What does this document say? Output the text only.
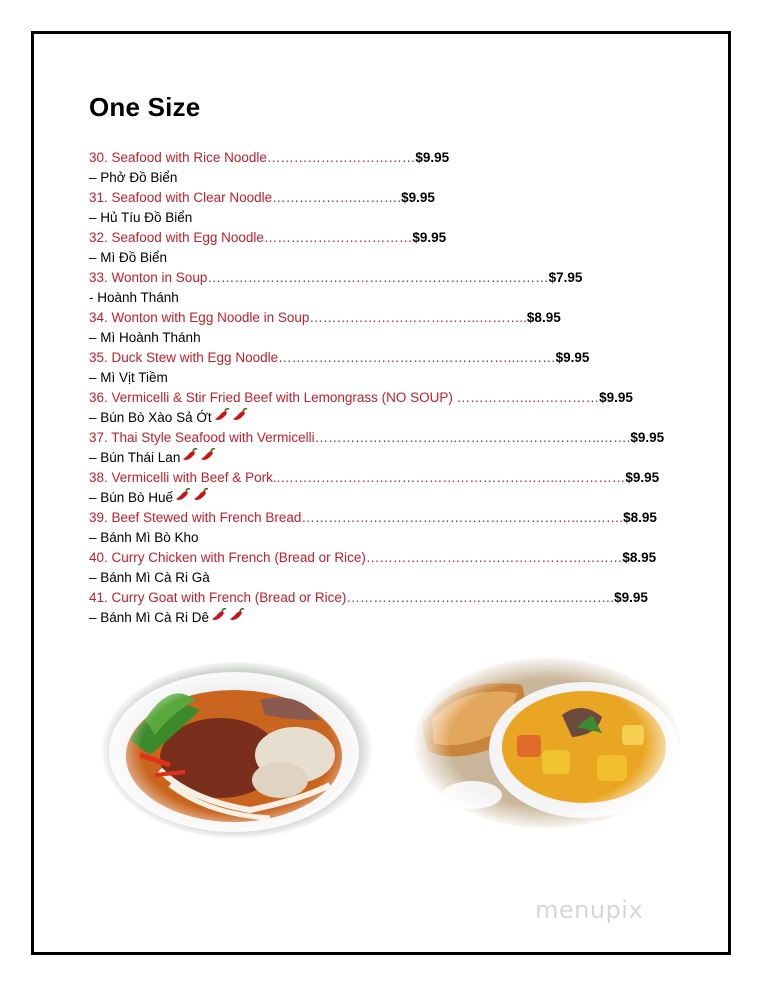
One Size
30. Seafood with Rice Noodle……………………………$9.95
– Phở Đồ Biển
31. Seafood with Clear Noodle……………….……….$9.95
– Hủ Tíu Đồ Biển
32. Seafood with Egg Noodle……………………………$9.95
– Mì Đồ Biển
33. Wonton in Soup………………………………………………………….………$7.95
- Hoành Thánh
34. Wonton with Egg Noodle in Soup………………………………..………..$8.95
– Mì Hoành Thánh
35. Duck Stew with Egg Noodle……………………………………………..………$9.95
– Mì Vịt Tiềm
36. Vermicelli & Stir Fried Beef with Lemongrass (NO SOUP) ……………..……………$9.95
– Bún Bò Xào Sả Ớt
37. Thai Style Seafood with Vermicelli…………………………..…………………………..…….$9.95
– Bún Thái Lan
38. Vermicelli with Beef & Pork..……………………………………………………..……………$9.95
– Bún Bò Huế
39. Beef Stewed with French Bread……………………………………………………..……….$8.95
– Bánh Mì Bò Kho
40. Curry Chicken with French (Bread or Rice)…………………………………………………$8.95
– Bánh Mì Cà Ri Gà
41. Curry Goat with French (Bread or Rice)…………………………………………..……….$9.95
– Bánh Mì Cà Ri Dê
menupix
